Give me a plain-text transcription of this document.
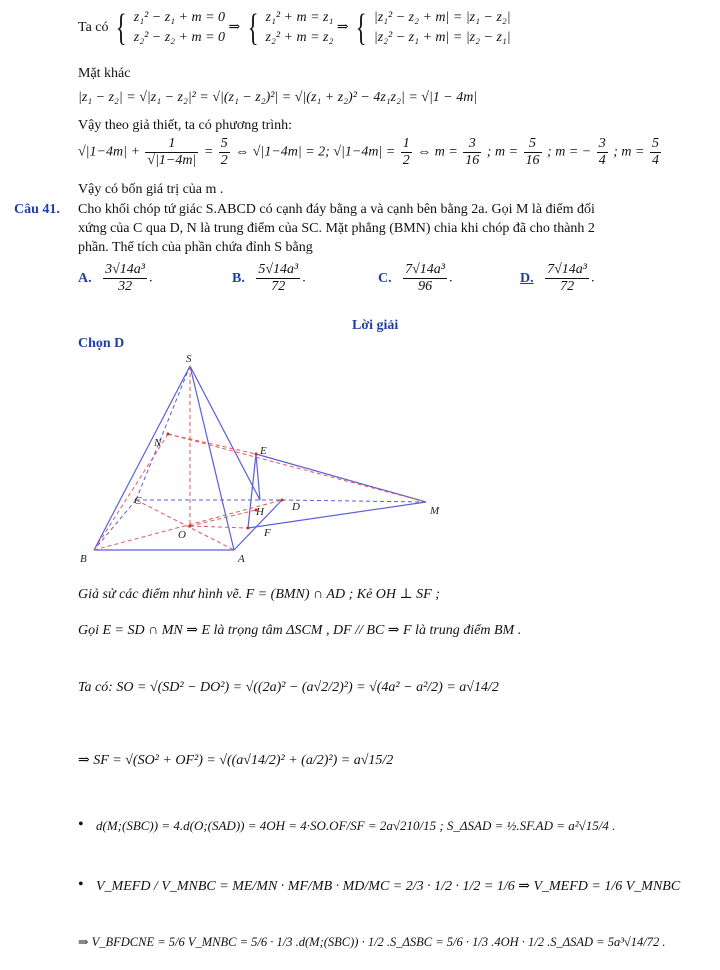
Ta có { z₁² − z₁ + m = 0
z₂² − z₂ + m = 0
⇒ { z₁² + m = z₁
z₂² + m = z₂
⇒ { |z₁² − z₂ + m| = |z₁ − z₂|
|z₂² − z₁ + m| = |z₂ − z₁|
Mặt khác
|z₁ − z₂| = √|z₁ − z₂|² = √|(z₁ − z₂)²| = √|(z₁ + z₂)² − 4z₁z₂| = √|1 − 4m|
Vậy theo giả thiết, ta có phương trình:
$√|1-4m| + \frac{1}{√|1-4m|} = \frac{5}{2}$ ⇔ √|1−4m| = 2; $√|1-4m| = \frac{1}{2}$ ⇔ $m = \frac{3}{16}$ ; $m = \frac{5}{16}$ ; m = − $\frac{3}{4}$ ; $m = \frac{5}{4}$
Vậy có bốn giá trị của m .
Câu 41. Cho khối chóp tứ giác S.ABCD có cạnh đáy bằng a và cạnh bên bằng 2a. Gọi M là điểm đối
xứng của C qua D, N là trung điểm của SC. Mặt phẳng (BMN) chia khi chóp đã cho thành 2
phần. Thể tích của phần chứa đỉnh S bằng
A. $\frac{\text{3√14a³}}{32}$ .	B. $\frac{\text{5√14a³}}{72}$ .	C. $\frac{\text{7√14a³}}{96}$ .	D. $\frac{\text{7√14a³}}{72}$ .
Lời giải
Chọn D
S
N
E
C
H	D	M
O	F
B	A
Giả sử các điểm như hình vẽ. F = (BMN) ∩ AD ; Kẻ OH ⊥ SF ;
Gọi E = SD ∩ MN ⇒ E là trọng tâm ΔSCM , DF // BC ⇒ F là trung điểm BM .
Ta có: SO = √(SD² − DO²) = √((2a)² − (a√2/2)²) = √(4a² − a²/2) = a√14/2
⇒ SF = √(SO² + OF²) = √((a√14/2)² + (a/2)²) = a√15/2
• d(M;(SBC)) = 4.d(O;(SAD)) = 4OH = 4·SO.OF/SF = 2a√210/15 ; S_ΔSAD = ½.SF.AD = a²√15/4 .
• V_MEFD / V_MNBC = ME/MN · MF/MB · MD/MC = 2/3 · 1/2 · 1/2 = 1/6 ⇒ V_MEFD = 1/6 V_MNBC
⇒ V_BFDCNE = 5/6 V_MNBC = 5/6 · 1/3 .d(M;(SBC)) · 1/2 .S_ΔSBC = 5/6 · 1/3 .4OH · 1/2 .S_ΔSAD = 5a³√14/72 .
